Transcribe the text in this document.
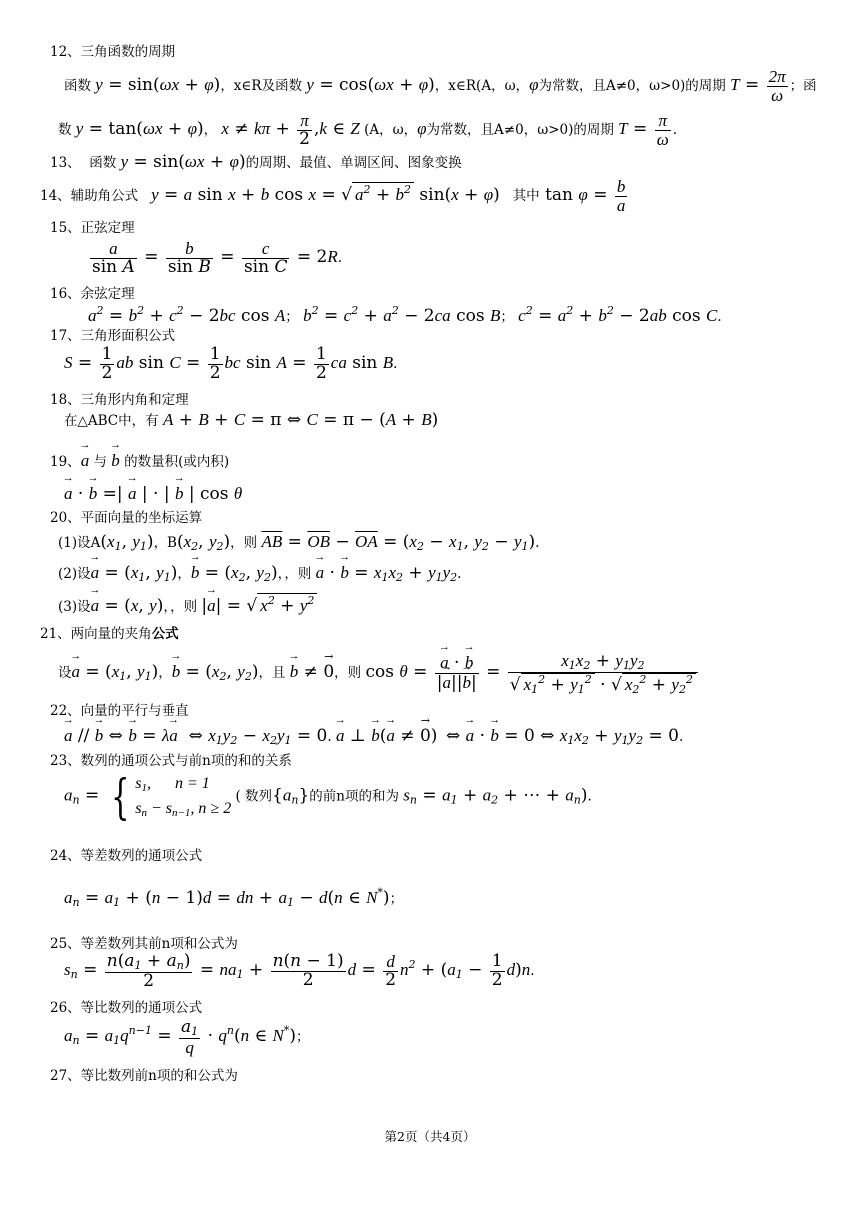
12、三角函数的周期
函数 y = sin(ωx + φ)，x∈R及函数 y = cos(ωx + φ)，x∈R(A，ω，φ为常数，且A≠0，ω>0)的周期 $T = \frac{2\pi}{\omega}$ ；函
数 y = tan(ωx + φ)， $x \ne k\pi + \frac{\pi}{2} ,k$ ∈ Z (A，ω，φ为常数，且A≠0，ω>0)的周期 $T = \frac{\pi}{\omega}$ .
13、 函数 y = sin(ωx + φ)的周期、最值、单调区间、图象变换
14、辅助角公式 y = a sin x + b cos x = √ $a^2 + b^2$ sin(x + φ) 其中 $\tan \varphi = \frac{b}{a}$
15、正弦定理
$\frac{a}{\text{sin A}} = \frac{b}{\text{sin B}} = \frac{c}{\text{sin C}} = 2R$.
16、余弦定理
$a^2 = b^2 + c^2 - 2bc$ cos A； $b^2 = c^2 + a^2 - 2ca$ cos B； $c^2 = a^2 + b^2 - 2ab$ cos C.
17、三角形面积公式
$S = \frac{1}{2}$ ab $\sin C = \frac{1}{2}$ bc $\sin A = \frac{1}{2}$ ca sin B.
18、三角形内角和定理
在△ABC中，有 A + B + C = π ⇔ C = π − (A + B)
19、→ a 与 → b 的数量积(或内积)
→ a · → b =| → a | · | → b | cos θ
20、平面向量的坐标运算
(1)设$A(x_1$, $y_1$)，$B(x_2$, $y_2$)，则 $\overline{AB} = \overline{OB} - \overline{OA} = (x_2 - x_1$, $y_2 - y_1$).
(2)设→ $a = (x_1$, $y_1$)，→ $b = (x_2$, $y_2$)，，则 → a · → $b = x_1x_2 + y_1y_2$.
(3)设→ a = (x, y)，，则 |→ a| = √ $x^2 + y^2$
21、两向量的夹角公式
设→ $a = (x_1$, $y_1$)，→ $b = (x_2$, $y_2$)，且 → b ≠ → 0，则 cos θ = → $\frac{a \cdot \to b}{|\to a||\to b|} = \frac{x_1x_2 + y_1y_2}{√ x_1^2 + y_1^2 \cdot √ x_2^2 + y_2^2}$
22、向量的平行与垂直
→ a // → b ⇔ → b = λ→ a  ⇔ $x_1y_2 - x_2y_1 = 0$. → a ⊥ → b(→ a ≠ → 0) ⇔ → a · → b = 0 ⇔ $x_1x_2 + y_1y_2 = 0$.
23、数列的通项公式与前n项的和的关系
$a_n$ = { $s_1$,      n = 1
$s_n - s_{n-1}$, n ≥ 2 ( 数列$\{a_n\}$的前n项的和为 $s_n = a_1 + a_2$ + ⋯ + $a_n$).
24、等差数列的通项公式
$a_n = a_1 + (n - 1)d$ = dn + $a_1 - d(n$ ∈ N*)；
25、等差数列其前n项和公式为
$s_n = \frac{n(a_1 + a_n)}{2} = na_1 + \frac{n(n - 1)}{2}$ $d = \frac{d}{2} n^2 + (a_1 - \frac{1}{2} d)n$.
26、等比数列的通项公式
$a_n = a_1q^{n-1} = \frac{a_1}{q} \cdot q^n(n$ ∈ N*)；
27、等比数列前n项的和公式为
第2页（共4页）
